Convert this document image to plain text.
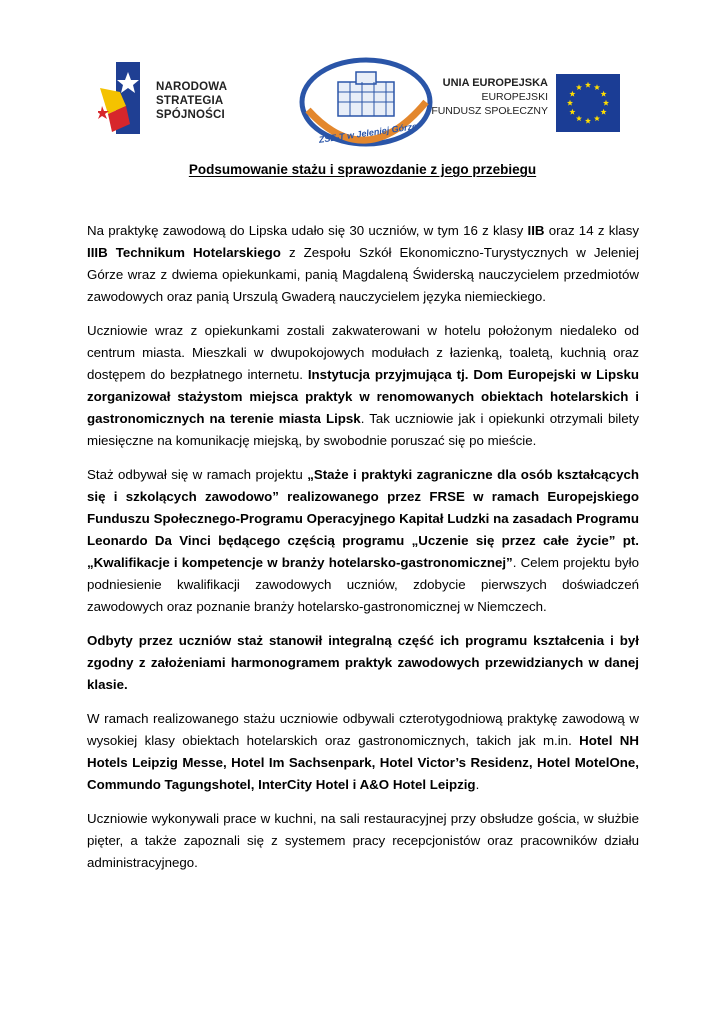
NARODOWA
STRATEGIA SPÓJNOŚCI
ZSE-T w Jeleniej Górze
UNIA EUROPEJSKA
EUROPEJSKI
FUNDUSZ SPOŁECZNY
Podsumowanie stażu i sprawozdanie z jego przebiegu

Na praktykę zawodową do Lipska udało się 30 uczniów, w tym 16 z klasy IIB oraz 14 z klasy IIIB Technikum Hotelarskiego z Zespołu Szkół Ekonomiczno-Turystycznych w Jeleniej Górze wraz z dwiema opiekunkami, panią Magdaleną Świderską nauczycielem przedmiotów zawodowych oraz panią Urszulą Gwaderą nauczycielem języka niemieckiego.

Uczniowie wraz z opiekunkami zostali zakwaterowani w hotelu położonym niedaleko od centrum miasta. Mieszkali w dwupokojowych modułach z łazienką, toaletą, kuchnią oraz dostępem do bezpłatnego internetu. Instytucja przyjmująca tj. Dom Europejski w Lipsku zorganizował stażystom miejsca praktyk w renomowanych obiektach hotelarskich i gastronomicznych na terenie miasta Lipsk. Tak uczniowie jak i opiekunki otrzymali bilety miesięczne na komunikację miejską, by swobodnie poruszać się po mieście.

Staż odbywał się w ramach projektu „Staże i praktyki zagraniczne dla osób kształcących się i szkolących zawodowo” realizowanego przez FRSE w ramach Europejskiego Funduszu Społecznego-Programu Operacyjnego Kapitał Ludzki na zasadach Programu Leonardo Da Vinci będącego częścią programu „Uczenie się przez całe życie” pt. „Kwalifikacje i kompetencje w branży hotelarsko-gastronomicznej”. Celem projektu było podniesienie kwalifikacji zawodowych uczniów, zdobycie pierwszych doświadczeń zawodowych oraz poznanie branży hotelarsko-gastronomicznej w Niemczech.

Odbyty przez uczniów staż stanowił integralną część ich programu kształcenia i był zgodny z założeniami harmonogramem praktyk zawodowych przewidzianych w danej klasie.

W ramach realizowanego stażu uczniowie odbywali czterotygodniową praktykę zawodową w wysokiej klasy obiektach hotelarskich oraz gastronomicznych, takich jak m.in. Hotel NH Hotels Leipzig Messe, Hotel Im Sachsenpark, Hotel Victor’s Residenz, Hotel MotelOne, Commundo Tagungshotel, InterCity Hotel i A&O Hotel Leipzig.

Uczniowie wykonywali prace w kuchni, na sali restauracyjnej przy obsłudze gościa, w służbie pięter, a także zapoznali się z systemem pracy recepcjonistów oraz pracowników działu administracyjnego.
